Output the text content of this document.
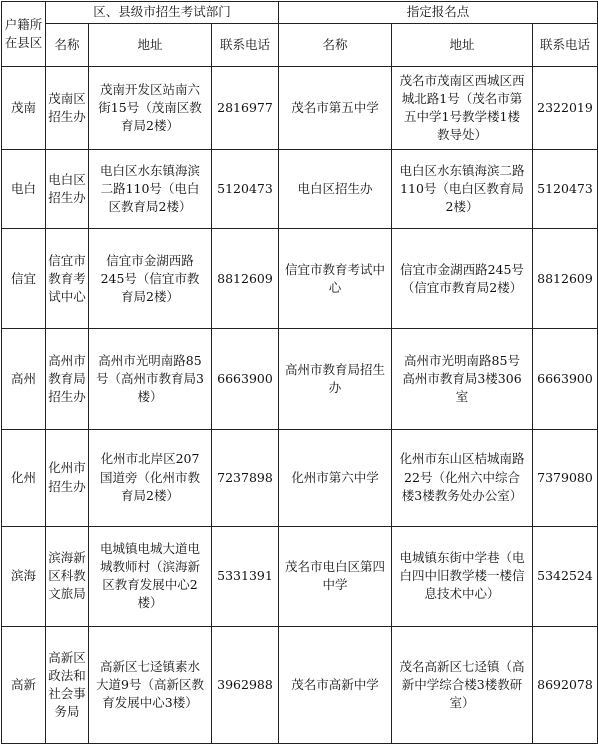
户籍所在县区	区、县级市招生考试部门			指定报名点		
	名称	地址	联系电话	名称	地址	联系电话
茂南	茂南区招生办	茂南开发区站南六街15号（茂南区教育局2楼）	2816977	茂名市第五中学	茂名市茂南区西城区西城北路1号（茂名市第五中学1号教学楼1楼教导处）	2322019
电白	电白区招生办	电白区水东镇海滨二路110号（电白区教育局2楼）	5120473	电白区招生办	电白区水东镇海滨二路110号（电白区教育局2楼）	5120473
信宜	信宜市教育考试中心	信宜市金湖西路245号（信宜市教育局2楼）	8812609	信宜市教育考试中心	信宜市金湖西路245号（信宜市教育局2楼）	8812609
高州	高州市教育局招生办	高州市光明南路85号（高州市教育局3楼）	6663900	高州市教育局招生办	高州市光明南路85号 高州市教育局3楼306室	6663900
化州	化州市招生办	化州市北岸区207国道旁（化州市教育局2楼）	7237898	化州市第六中学	化州市东山区桔城南路22号（化州六中综合楼3楼教务处办公室）	7379080
滨海	滨海新区科教文旅局	电城镇电城大道电城教师村（滨海新区教育发展中心2楼）	5331391	茂名市电白区第四中学	电城镇东街中学巷（电白四中旧教学楼一楼信息技术中心）	5342524
高新	高新区政法和社会事务局	高新区七迳镇素水大道9号（高新区教育发展中心3楼）	3962988	茂名市高新中学	茂名高新区七迳镇（高新中学综合楼3楼教研室）	8692078
